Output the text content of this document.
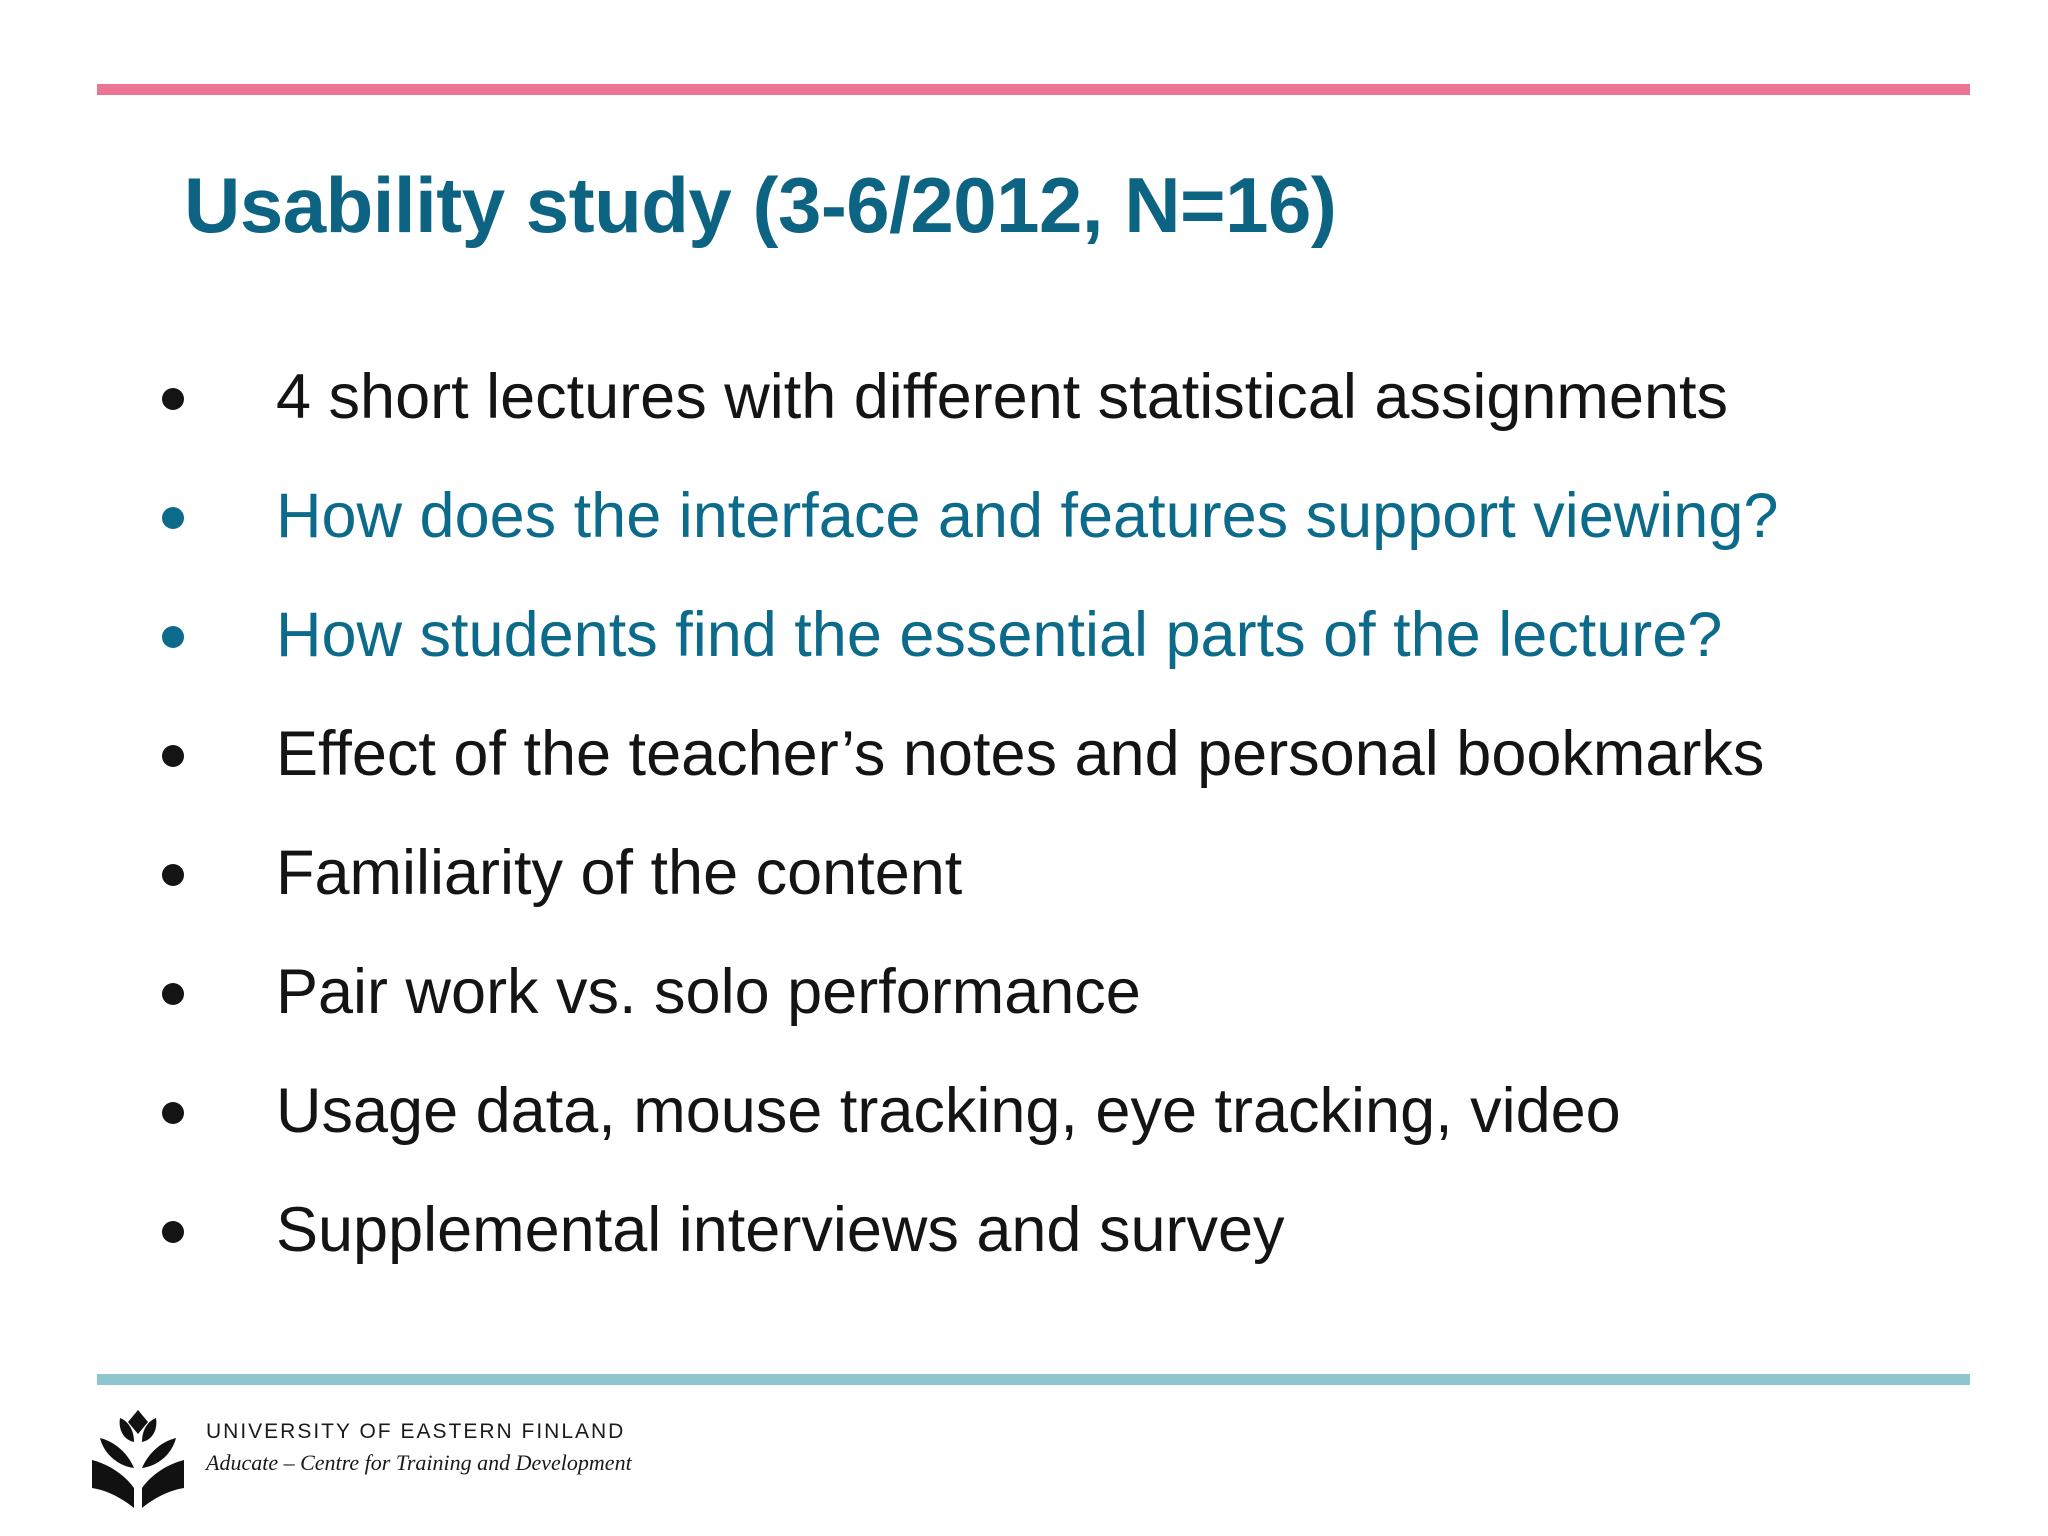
Usability study (3-6/2012, N=16)
4 short lectures with different statistical assignments
How does the interface and features support viewing?
How students find the essential parts of the lecture?
Effect of the teacher’s notes and personal bookmarks
Familiarity of the content
Pair work vs. solo performance
Usage data, mouse tracking, eye tracking, video
Supplemental interviews and survey
UNIVERSITY OF EASTERN FINLAND
Aducate – Centre for Training and Development
